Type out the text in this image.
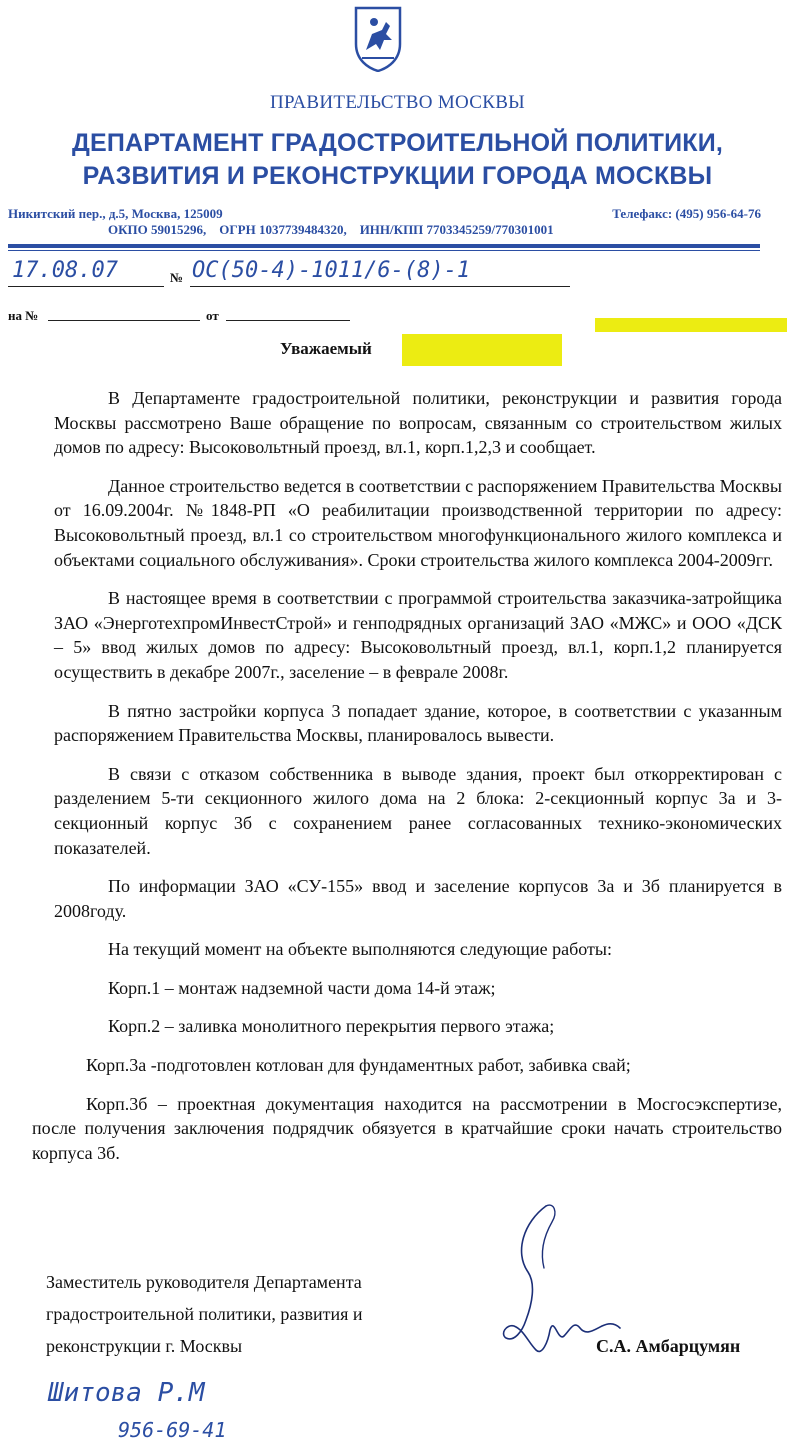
ПРАВИТЕЛЬСТВО МОСКВЫ
ДЕПАРТАМЕНТ ГРАДОСТРОИТЕЛЬНОЙ ПОЛИТИКИ,
РАЗВИТИЯ И РЕКОНСТРУКЦИИ ГОРОДА МОСКВЫ
Никитский пер., д.5, Москва, 125009	Телефакс: (495) 956-64-76
ОКПО 59015296,    ОГРН 1037739484320,    ИНН/КПП 7703345259/770301001
17.08.07	№ ОС(50-4)-1011/6-(8)-1
на №	от
Уважаемый

В Департаменте градостроительной политики, реконструкции и развития города Москвы рассмотрено Ваше обращение по вопросам, связанным со строительством жилых домов по адресу: Высоковольтный проезд, вл.1, корп.1,2,3 и сообщает.

Данное строительство ведется в соответствии с распоряжением Правительства Москвы от 16.09.2004г. №1848-РП «О реабилитации производственной территории по адресу: Высоковольтный проезд, вл.1 со строительством многофункционального жилого комплекса и объектами социального обслуживания». Сроки строительства жилого комплекса 2004-2009гг.

В настоящее время в соответствии с программой строительства заказчика-затройщика ЗАО «ЭнерготехпромИнвестСтрой» и генподрядных организаций ЗАО «МЖС» и ООО «ДСК – 5» ввод жилых домов по адресу: Высоковольтный проезд, вл.1, корп.1,2 планируется осуществить в декабре 2007г., заселение – в феврале 2008г.

В пятно застройки корпуса 3 попадает здание, которое, в соответствии с указанным распоряжением Правительства Москвы, планировалось вывести.

В связи с отказом собственника в выводе здания, проект был откорректирован с разделением 5-ти секционного жилого дома на 2 блока: 2-секционный корпус 3а и 3- секционный корпус 3б с сохранением ранее согласованных технико-экономических показателей.

По информации ЗАО «СУ-155» ввод и заселение корпусов 3а и 3б планируется в 2008году.

На текущий момент на объекте выполняются следующие работы:

Корп.1 – монтаж надземной части дома 14-й этаж;

Корп.2 – заливка монолитного перекрытия первого этажа;

Корп.3а -подготовлен котлован для фундаментных работ, забивка свай;

Корп.3б – проектная документация находится на рассмотрении в Мосгосэкспертизе, после получения заключения подрядчик обязуется в кратчайшие сроки начать строительство корпуса 3б.

Заместитель руководителя Департамента
градостроительной политики, развития и
реконструкции г. Москвы	С.А. Амбарцумян
Шитова Р.М
956-69-41
